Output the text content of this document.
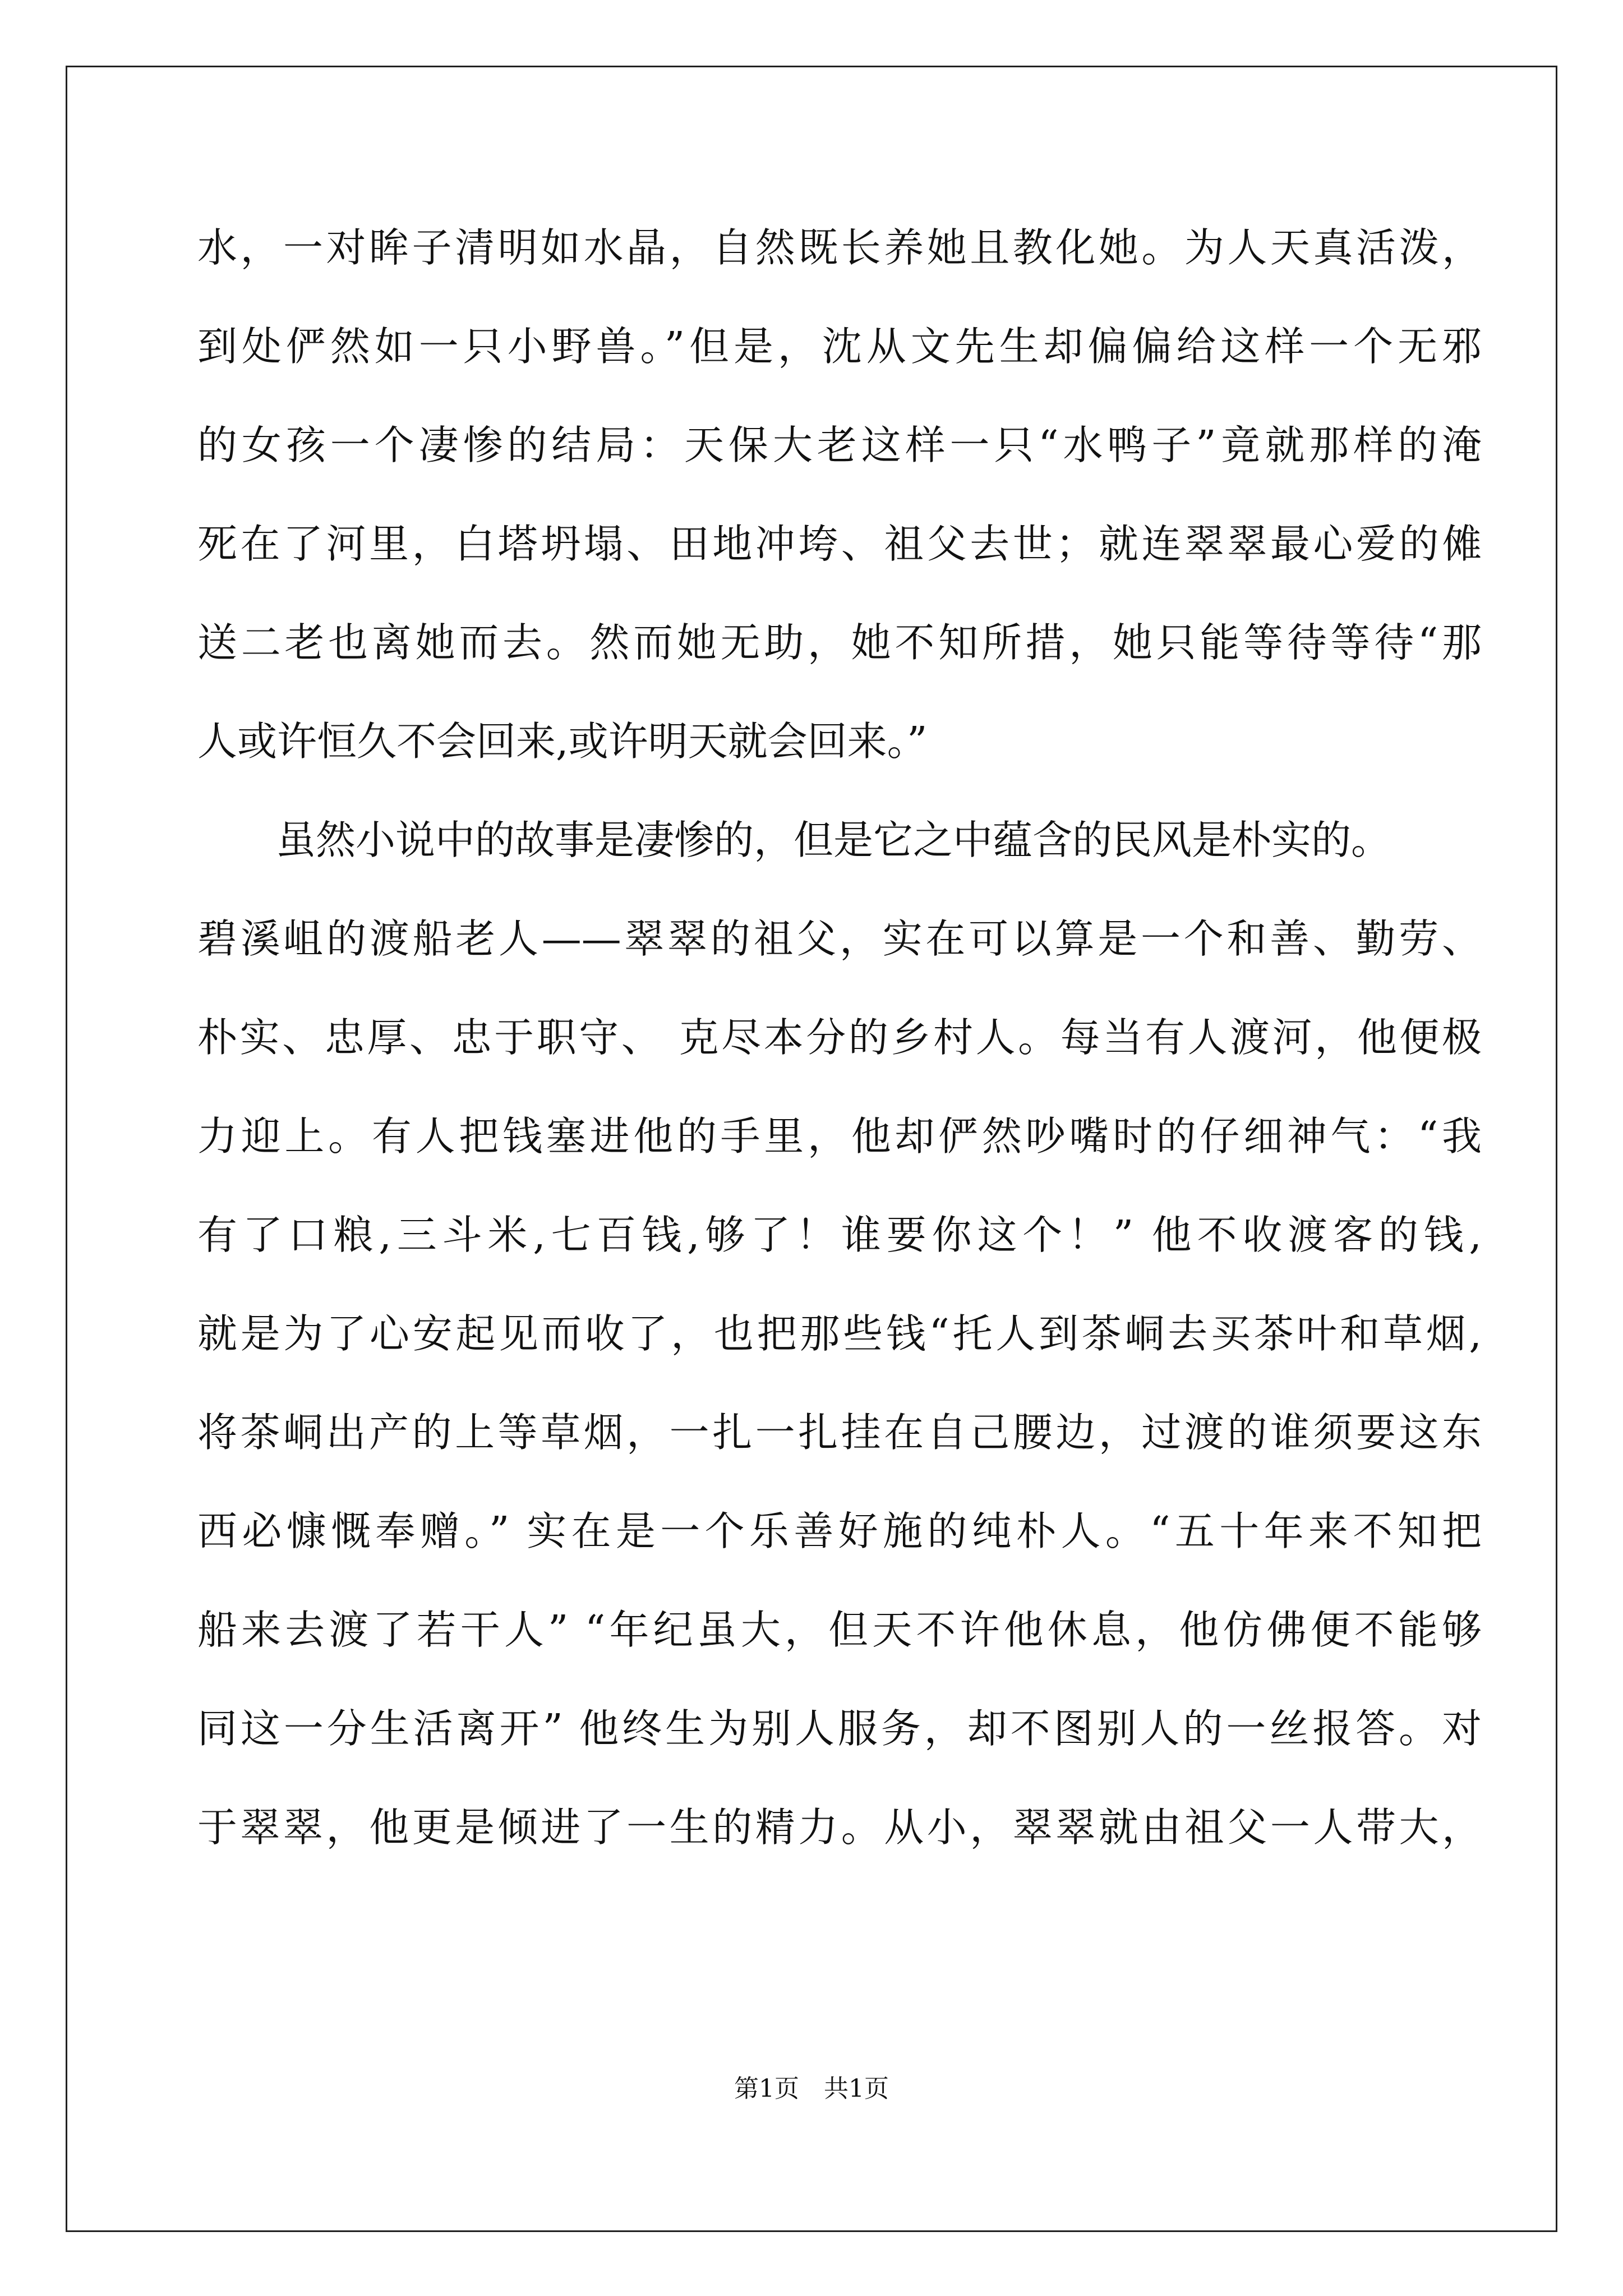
水，一对眸子清明如水晶，自然既长养她且教化她。为人天真活泼，
到处俨然如一只小野兽。”但是，沈从文先生却偏偏给这样一个无邪
的女孩一个凄惨的结局：天保大老这样一只“水鸭子”竟就那样的淹
死在了河里，白塔坍塌、田地冲垮、祖父去世；就连翠翠最心爱的傩
送二老也离她而去。然而她无助，她不知所措，她只能等待等待“那
人或许恒久不会回来,或许明天就会回来。”
虽然小说中的故事是凄惨的，但是它之中蕴含的民风是朴实的。
碧溪岨的渡船老人——翠翠的祖父，实在可以算是一个和善、勤劳、
朴实、忠厚、忠于职守、 克尽本分的乡村人。每当有人渡河，他便极
力迎上。有人把钱塞进他的手里，他却俨然吵嘴时的仔细神气：“我
有了口粮,三斗米,七百钱,够了！谁要你这个！” 他不收渡客的钱,
就是为了心安起见而收了，也把那些钱“托人到茶峒去买茶叶和草烟,
将茶峒出产的上等草烟，一扎一扎挂在自己腰边，过渡的谁须要这东
西必慷慨奉赠。” 实在是一个乐善好施的纯朴人。“五十年来不知把
船来去渡了若干人” “年纪虽大，但天不许他休息，他仿佛便不能够
同这一分生活离开” 他终生为别人服务，却不图别人的一丝报答。对
于翠翠，他更是倾进了一生的精力。从小，翠翠就由祖父一人带大，
第1页　共1页
